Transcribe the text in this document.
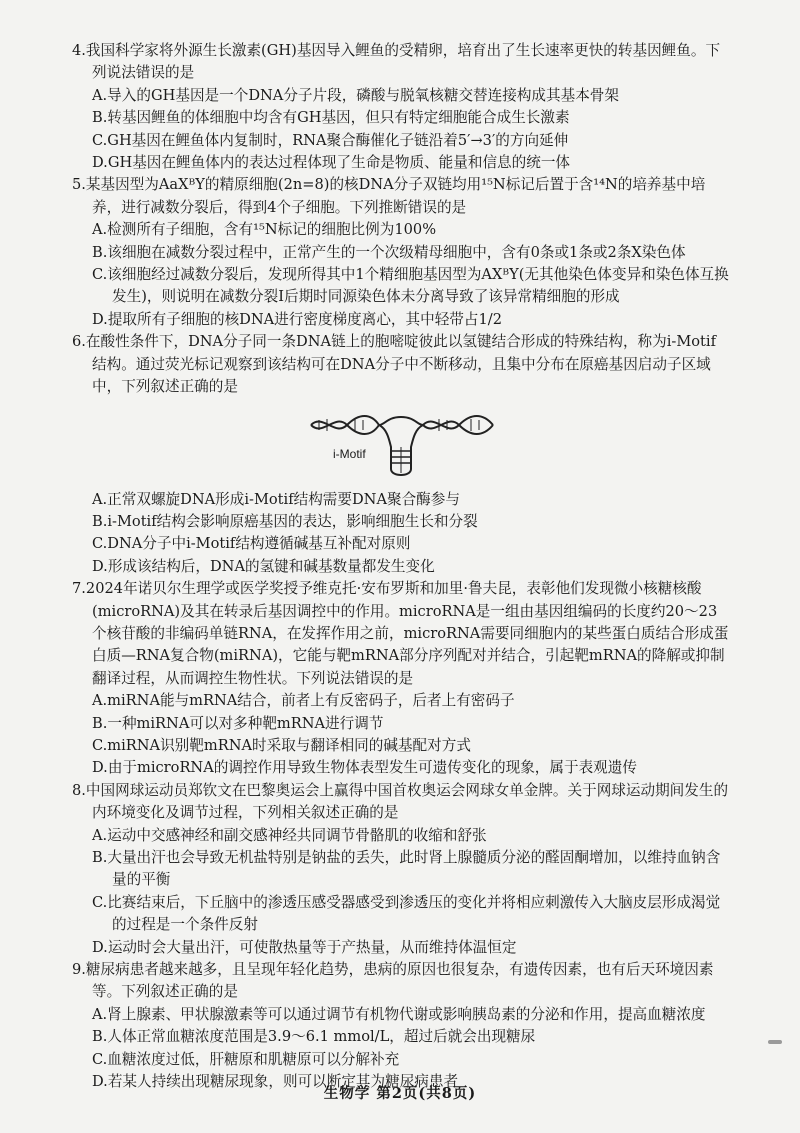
4.我国科学家将外源生长激素(GH)基因导入鲤鱼的受精卵，培育出了生长速率更快的转基因鲤鱼。下列说法错误的是
A.导入的GH基因是一个DNA分子片段，磷酸与脱氧核糖交替连接构成其基本骨架
B.转基因鲤鱼的体细胞中均含有GH基因，但只有特定细胞能合成生长激素
C.GH基因在鲤鱼体内复制时，RNA聚合酶催化子链沿着5′→3′的方向延伸
D.GH基因在鲤鱼体内的表达过程体现了生命是物质、能量和信息的统一体
5.某基因型为AaXᴮY的精原细胞(2n=8)的核DNA分子双链均用¹⁵N标记后置于含¹⁴N的培养基中培养，进行减数分裂后，得到4个子细胞。下列推断错误的是
A.检测所有子细胞，含有¹⁵N标记的细胞比例为100%
B.该细胞在减数分裂过程中，正常产生的一个次级精母细胞中，含有0条或1条或2条X染色体
C.该细胞经过减数分裂后，发现所得其中1个精细胞基因型为AXᴮY(无其他染色体变异和染色体互换发生)，则说明在减数分裂Ⅰ后期时同源染色体未分离导致了该异常精细胞的形成
D.提取所有子细胞的核DNA进行密度梯度离心，其中轻带占1/2
6.在酸性条件下，DNA分子同一条DNA链上的胞嘧啶彼此以氢键结合形成的特殊结构，称为i-Motif结构。通过荧光标记观察到该结构可在DNA分子中不断移动，且集中分布在原癌基因启动子区域中，下列叙述正确的是
i-Motif
A.正常双螺旋DNA形成i-Motif结构需要DNA聚合酶参与
B.i-Motif结构会影响原癌基因的表达，影响细胞生长和分裂
C.DNA分子中i-Motif结构遵循碱基互补配对原则
D.形成该结构后，DNA的氢键和碱基数量都发生变化
7.2024年诺贝尔生理学或医学奖授予维克托·安布罗斯和加里·鲁夫昆，表彰他们发现微小核糖核酸(microRNA)及其在转录后基因调控中的作用。microRNA是一组由基因组编码的长度约20～23个核苷酸的非编码单链RNA，在发挥作用之前，microRNA需要同细胞内的某些蛋白质结合形成蛋白质—RNA复合物(miRNA)，它能与靶mRNA部分序列配对并结合，引起靶mRNA的降解或抑制翻译过程，从而调控生物性状。下列说法错误的是
A.miRNA能与mRNA结合，前者上有反密码子，后者上有密码子
B.一种miRNA可以对多种靶mRNA进行调节
C.miRNA识别靶mRNA时采取与翻译相同的碱基配对方式
D.由于microRNA的调控作用导致生物体表型发生可遗传变化的现象，属于表观遗传
8.中国网球运动员郑钦文在巴黎奥运会上赢得中国首枚奥运会网球女单金牌。关于网球运动期间发生的内环境变化及调节过程，下列相关叙述正确的是
A.运动中交感神经和副交感神经共同调节骨骼肌的收缩和舒张
B.大量出汗也会导致无机盐特别是钠盐的丢失，此时肾上腺髓质分泌的醛固酮增加，以维持血钠含量的平衡
C.比赛结束后，下丘脑中的渗透压感受器感受到渗透压的变化并将相应刺激传入大脑皮层形成渴觉的过程是一个条件反射
D.运动时会大量出汗，可使散热量等于产热量，从而维持体温恒定
9.糖尿病患者越来越多，且呈现年轻化趋势，患病的原因也很复杂，有遗传因素，也有后天环境因素等。下列叙述正确的是
A.肾上腺素、甲状腺激素等可以通过调节有机物代谢或影响胰岛素的分泌和作用，提高血糖浓度
B.人体正常血糖浓度范围是3.9～6.1 mmol/L，超过后就会出现糖尿
C.血糖浓度过低，肝糖原和肌糖原可以分解补充
D.若某人持续出现糖尿现象，则可以断定其为糖尿病患者
生物学 第2页(共8页)
